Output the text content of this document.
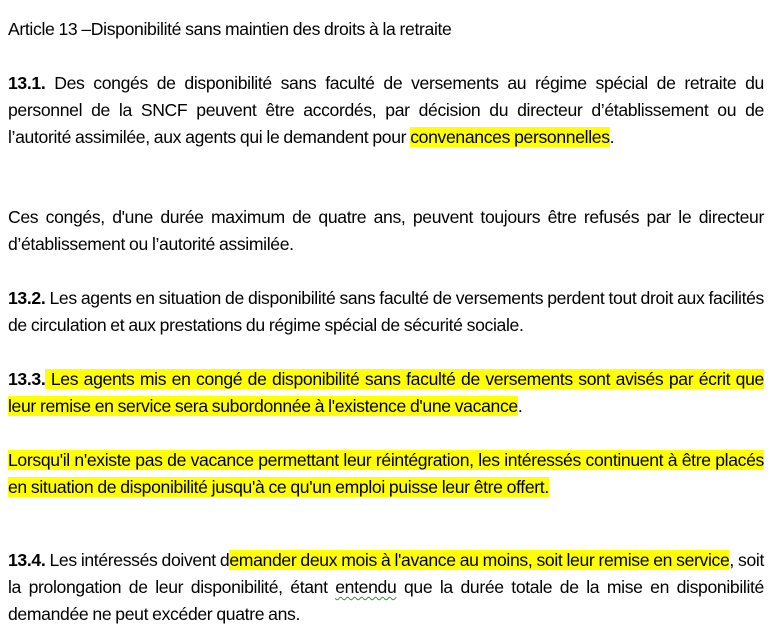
Article 13 –Disponibilité sans maintien des droits à la retraite
13.1. Des congés de disponibilité sans faculté de versements au régime spécial de retraite du personnel de la SNCF peuvent être accordés, par décision du directeur d’établissement ou de l’autorité assimilée, aux agents qui le demandent pour convenances personnelles.
Ces congés, d'une durée maximum de quatre ans, peuvent toujours être refusés par le directeur d’établissement ou l’autorité assimilée.
13.2. Les agents en situation de disponibilité sans faculté de versements perdent tout droit aux facilités de circulation et aux prestations du régime spécial de sécurité sociale.
13.3. Les agents mis en congé de disponibilité sans faculté de versements sont avisés par écrit que leur remise en service sera subordonnée à l'existence d'une vacance.
Lorsqu'il n'existe pas de vacance permettant leur réintégration, les intéressés continuent à être placés en situation de disponibilité jusqu'à ce qu'un emploi puisse leur être offert.
13.4. Les intéressés doivent demander deux mois à l'avance au moins, soit leur remise en service, soit la prolongation de leur disponibilité, étant entendu que la durée totale de la mise en disponibilité demandée ne peut excéder quatre ans.
